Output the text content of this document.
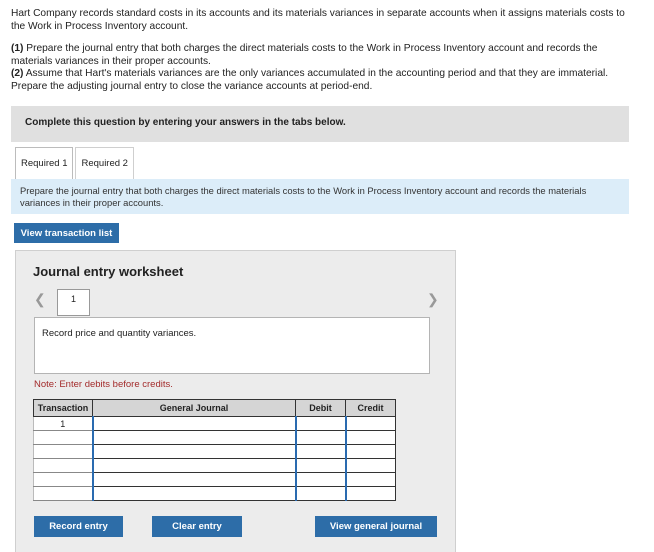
Hart Company records standard costs in its accounts and its materials variances in separate accounts when it assigns materials costs to the Work in Process Inventory account.

(1) Prepare the journal entry that both charges the direct materials costs to the Work in Process Inventory account and records the materials variances in their proper accounts.
(2) Assume that Hart's materials variances are the only variances accumulated in the accounting period and that they are immaterial. Prepare the adjusting journal entry to close the variance accounts at period-end.

Complete this question by entering your answers in the tabs below.
Required 1	Required 2
Prepare the journal entry that both charges the direct materials costs to the Work in Process Inventory account and records the materials variances in their proper accounts.
View transaction list
Journal entry worksheet
❮	1	❯
Record price and quantity variances.
Note: Enter debits before credits.
Transaction	General Journal	Debit	Credit
1			

Record entry	Clear entry	View general journal
